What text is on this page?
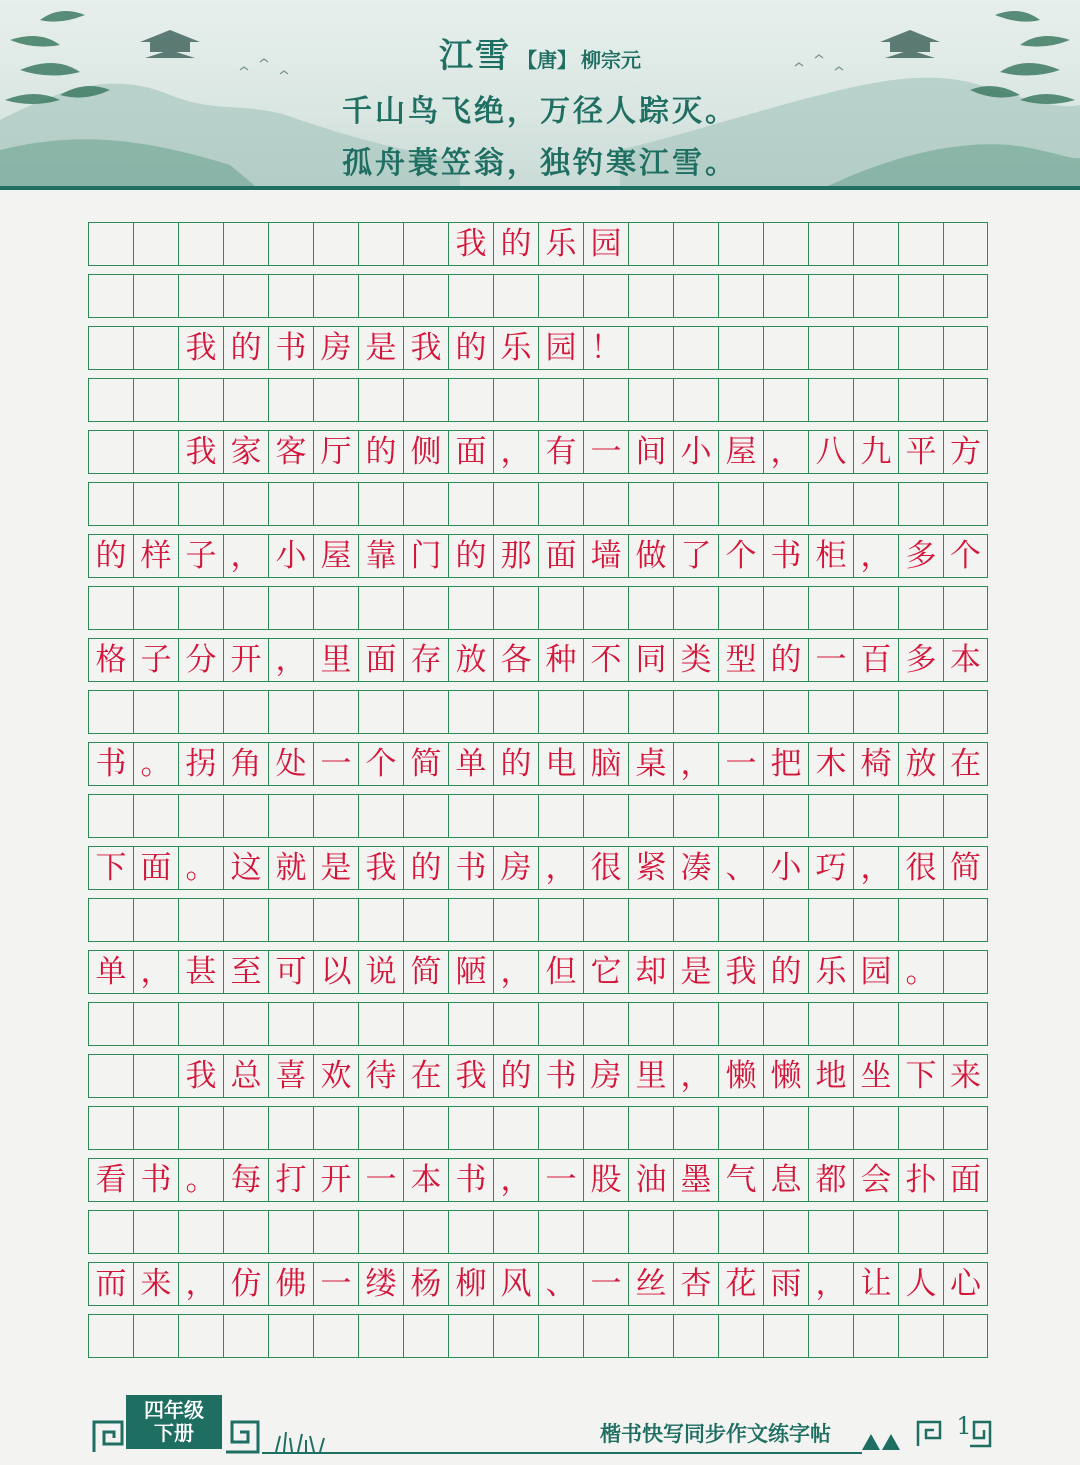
江雪 【唐】 柳宗元
千山鸟飞绝，万径人踪灭。
孤舟蓑笠翁，独钓寒江雪。
我 的 乐 园
我 的 书 房 是 我 的 乐 园 ！
我 家 客 厅 的 侧 面 ， 有 一 间 小 屋 ， 八 九 平 方
的 样 子 ， 小 屋 靠 门 的 那 面 墙 做 了 个 书 柜 ， 多 个
格 子 分 开 ， 里 面 存 放 各 种 不 同 类 型 的 一 百 多 本
书 。 拐 角 处 一 个 简 单 的 电 脑 桌 ， 一 把 木 椅 放 在
下 面 。 这 就 是 我 的 书 房 ， 很 紧 凑 、 小 巧 ， 很 简
单 ， 甚 至 可 以 说 简 陋 ， 但 它 却 是 我 的 乐 园 。
我 总 喜 欢 待 在 我 的 书 房 里 ， 懒 懒 地 坐 下 来
看 书 。 每 打 开 一 本 书 ， 一 股 油 墨 气 息 都 会 扑 面
而 来 ， 仿 佛 一 缕 杨 柳 风 、 一 丝 杏 花 雨 ， 让 人 心
四年级
下册	楷书快写同步作文练字帖	1
